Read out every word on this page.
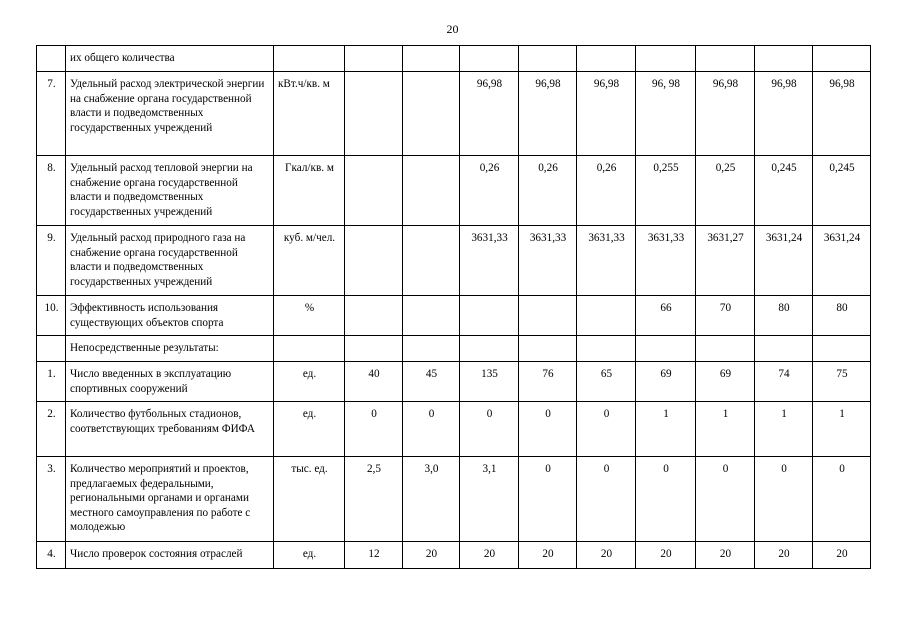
20
	их общего количества										
7.	Удельный расход электрической энергии на снабжение органа государственной власти и подведомственных государственных учреждений	кВт.ч/кв. м			96,98	96,98	96,98	96, 98	96,98	96,98	96,98
8.	Удельный расход тепловой энергии на снабжение органа государственной власти и подведомственных государственных учреждений	Гкал/кв. м			0,26	0,26	0,26	0,255	0,25	0,245	0,245
9.	Удельный расход природного газа на снабжение органа государственной власти и подведомственных государственных учреждений	куб. м/чел.			3631,33	3631,33	3631,33	3631,33	3631,27	3631,24	3631,24
10.	Эффективность использования существующих объектов спорта	%						66	70	80	80
	Непосредственные результаты:										
1.	Число введенных в эксплуатацию спортивных сооружений	ед.	40	45	135	76	65	69	69	74	75
2.	Количество футбольных стадионов, соответствующих требованиям ФИФА	ед.	0	0	0	0	0	1	1	1	1
3.	Количество мероприятий и проектов, предлагаемых федеральными, региональными органами и органами местного самоуправления по работе с молодежью	тыс. ед.	2,5	3,0	3,1	0	0	0	0	0	0
4.	Число проверок состояния отраслей	ед.	12	20	20	20	20	20	20	20	20
